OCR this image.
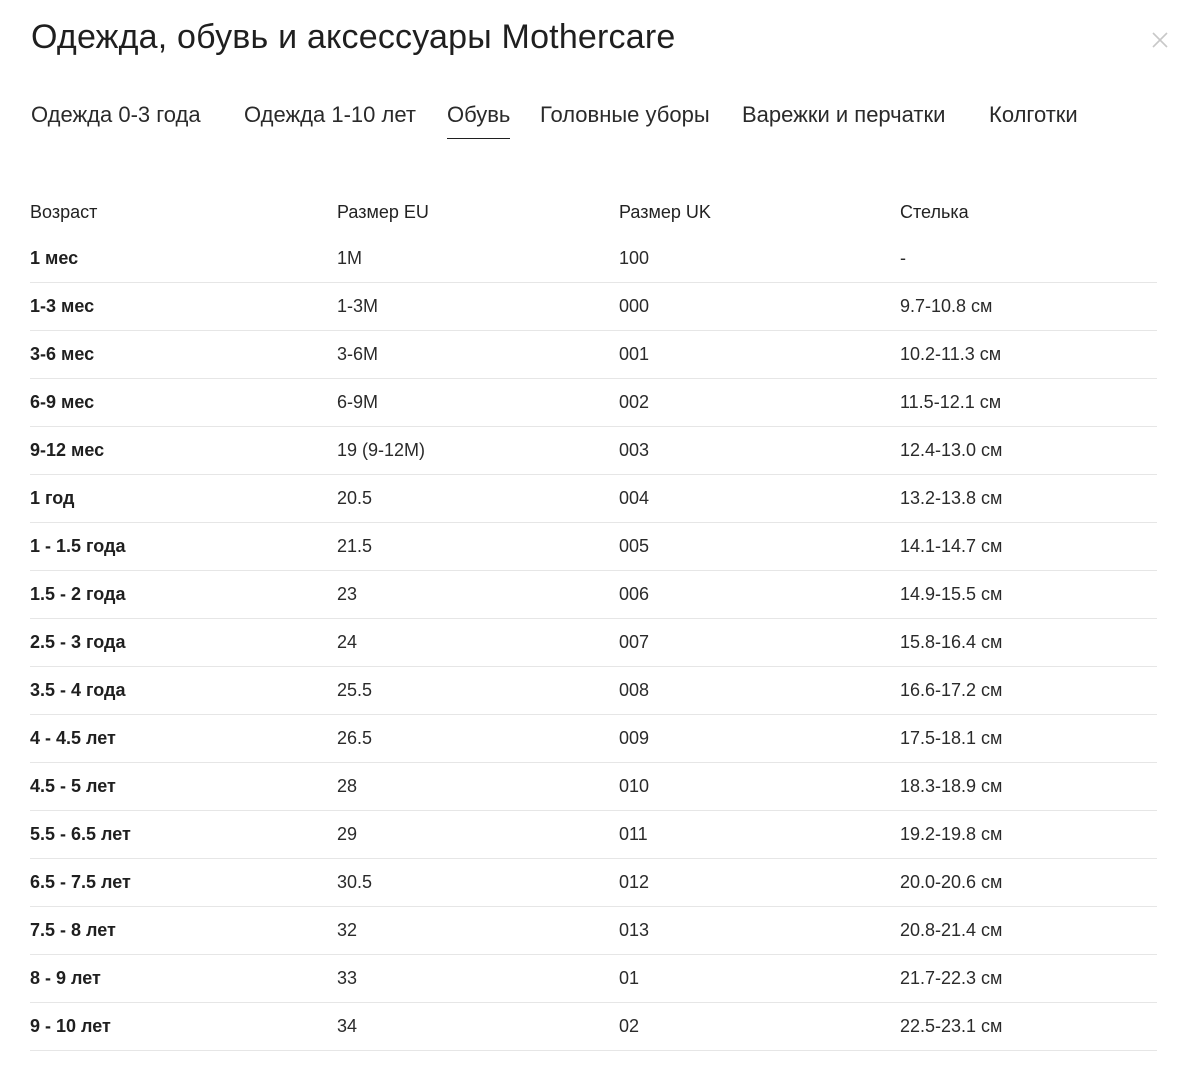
Одежда, обувь и аксессуары Mothercare
Одежда 0-3 года Одежда 1-10 лет Обувь Головные уборы Варежки и перчатки Колготки
Возраст	Размер EU	Размер UK	Стелька
1 мес	1M	100	-
1-3 мес	1-3M	000	9.7-10.8 см
3-6 мес	3-6M	001	10.2-11.3 см
6-9 мес	6-9M	002	11.5-12.1 см
9-12 мес	19 (9-12M)	003	12.4-13.0 см
1 год	20.5	004	13.2-13.8 см
1 - 1.5 года	21.5	005	14.1-14.7 см
1.5 - 2 года	23	006	14.9-15.5 см
2.5 - 3 года	24	007	15.8-16.4 см
3.5 - 4 года	25.5	008	16.6-17.2 см
4 - 4.5 лет	26.5	009	17.5-18.1 см
4.5 - 5 лет	28	010	18.3-18.9 см
5.5 - 6.5 лет	29	011	19.2-19.8 см
6.5 - 7.5 лет	30.5	012	20.0-20.6 см
7.5 - 8 лет	32	013	20.8-21.4 см
8 - 9 лет	33	01	21.7-22.3 см
9 - 10 лет	34	02	22.5-23.1 см
